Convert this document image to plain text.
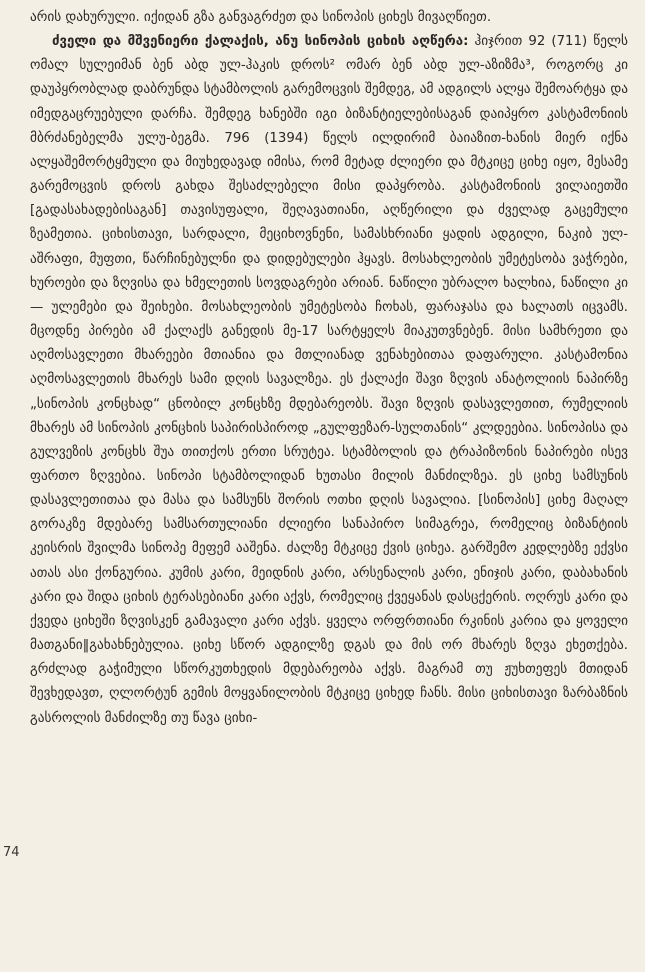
არის დახურული. იქიდან გზა განვაგრძეთ და სინოპის ციხეს მივაღწიეთ.

ძველი და მშვენიერი ქალაქის, ანუ სინოპის ციხის აღწერა: ჰიჯრით 92 (711) წელს ომალ სულეიმან ბენ აბდ ულ-ჰაკის დროს² ომარ ბენ აბდ ულ-აზიზმა³, როგორც კი დაუპყრობლად დაბრუნდა სტამბოლის გარემოცვის შემდეგ, ამ ადგილს ალყა შემოარტყა და იმედგაცრუებული დარჩა. შემდეგ ხანებში იგი ბიზანტიელებისაგან დაიპყრო კასტამონიის მბრძანებელმა ულუ-ბეგმა. 796 (1394) წელს ილდირიმ ბაიაზით-ხანის მიერ იქნა ალყაშემორტყმული და მიუხედავად იმისა, რომ მეტად ძლიერი და მტკიცე ციხე იყო, მესამე გარემოცვის დროს გახდა შესაძლებელი მისი დაპყრობა. კასტამონიის ვილაიეთში [გადასახადებისაგან] თავისუფალი, შეღავათიანი, აღწერილი და ძველად გაცემული ზეამეთია. ციხისთავი, სარდალი, მეციხოვნენი, სამასხრიანი ყადის ადგილი, ნაკიბ ულ-აშრაფი, მუფთი, წარჩინებულნი და დიდებულები ჰყავს. მოსახლეობის უმეტესობა ვაჭრები, ხუროები და ზღვისა და ხმელეთის სოვდაგრები არიან. ნაწილი უბრალო ხალხია, ნაწილი კი — ულემები და შეიხები. მოსახლეობის უმეტესობა ჩოხას, ფარაჯასა და ხალათს იცვამს. მცოდნე პირები ამ ქალაქს განედის მე-17 სარტყელს მიაკუთვნებენ. მისი სამხრეთი და აღმოსავლეთი მხარეები მთიანია და მთლიანად ვენახებითაა დაფარული. კასტამონია აღმოსავლეთის მხარეს სამი დღის სავალზეა. ეს ქალაქი შავი ზღვის ანატოლიის ნაპირზე „სინოპის კონცხად“ ცნობილ კონცხზე მდებარეობს. შავი ზღვის დასავლეთით, რუმელიის მხარეს ამ სინოპის კონცხის საპირისპიროდ „გულფეზარ-სულთანის“ კლდეებია. სინოპისა და გულვეზის კონცხს შუა თითქოს ერთი სრუტეა. სტამბოლის და ტრაპიზონის ნაპირები ისევ ფართო ზღვებია. სინოპი სტამბოლიდან ხუთასი მილის მანძილზეა. ეს ციხე სამსუნის დასავლეთითაა და მასა და სამსუნს შორის ოთხი დღის სავალია. [სინოპის] ციხე მაღალ გორაკზე მდებარე სამსართულიანი ძლიერი სანაპირო სიმაგრეა, რომელიც ბიზანტიის კეისრის შვილმა სინოპე მეფემ ააშენა. ძალზე მტკიცე ქვის ციხეა. გარშემო კედლებზე ექვსი ათას ასი ქონგურია. კუმის კარი, მეიდნის კარი, არსენალის კარი, ენიჯის კარი, დაბახანის კარი და შიდა ციხის ტერასებიანი კარი აქვს, რომელიც ქვეყანას დასცქერის. ოღრუს კარი და ქვედა ციხეში ზღვისკენ გამავალი კარი აქვს. ყველა ორფრთიანი რკინის კარია და ყოველი მათგანი‖გახახნებულია. ციხე სწორ ადგილზე დგას და მის ორ მხარეს ზღვა ეხეთქება. გრძლად გაჭიმული სწორკუთხედის მდებარეობა აქვს. მაგრამ თუ ჟუხთეფეს მთიდან შევხედავთ, ღლორტუნ გემის მოყვანილობის მტკიცე ციხედ ჩანს. მისი ციხისთავი ზარბაზნის გასროლის მანძილზე თუ წავა ციხი-

74
